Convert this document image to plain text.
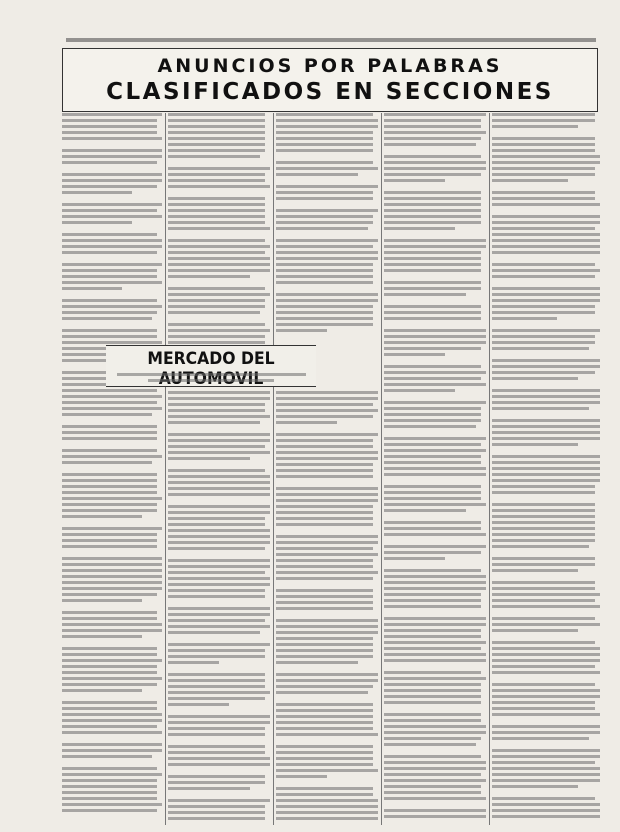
ANUNCIOS POR PALABRAS
CLASIFICADOS EN SECCIONES
MERCADO DEL
